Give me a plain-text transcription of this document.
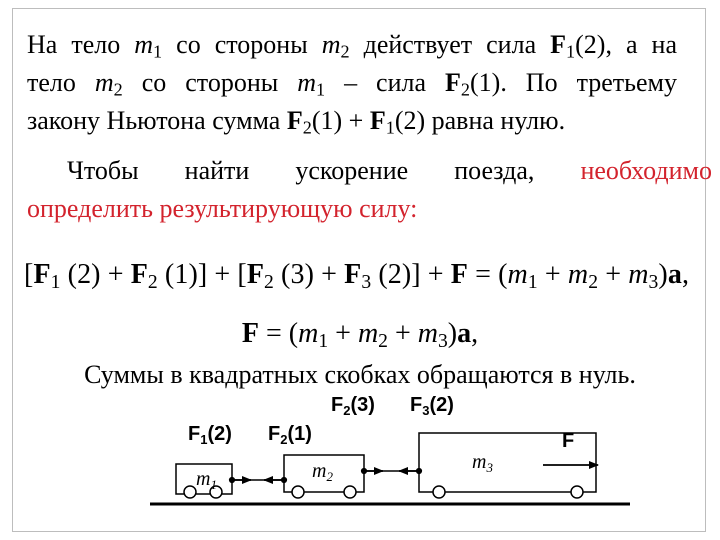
На тело $m_1$ со стороны $m_2$ действует сила $F_1(2)$, а на
тело $m_2$ со стороны $m_1$ – сила $F_2(1)$. По третьему
закону Ньютона сумма $F_2(1) + F_1(2)$ равна нулю.
Чтобы найти ускорение поезда, необходимо
определить результирующую силу:
[$F_1$ $(2) + F_2$ $(1)] + [F_2$ $(3) + F_3$ $(2)] + F = (m_1 + m_2 + m_3)a$,
$F = (m_1 + m_2 + m_3)a$,
Суммы в квадратных скобках обращаются в нуль.
$m_1$
$m_2$
$m_3$
$F_1(2)$ $F_2(1)$
$F_2(3)$ $F_3(2)$
F
